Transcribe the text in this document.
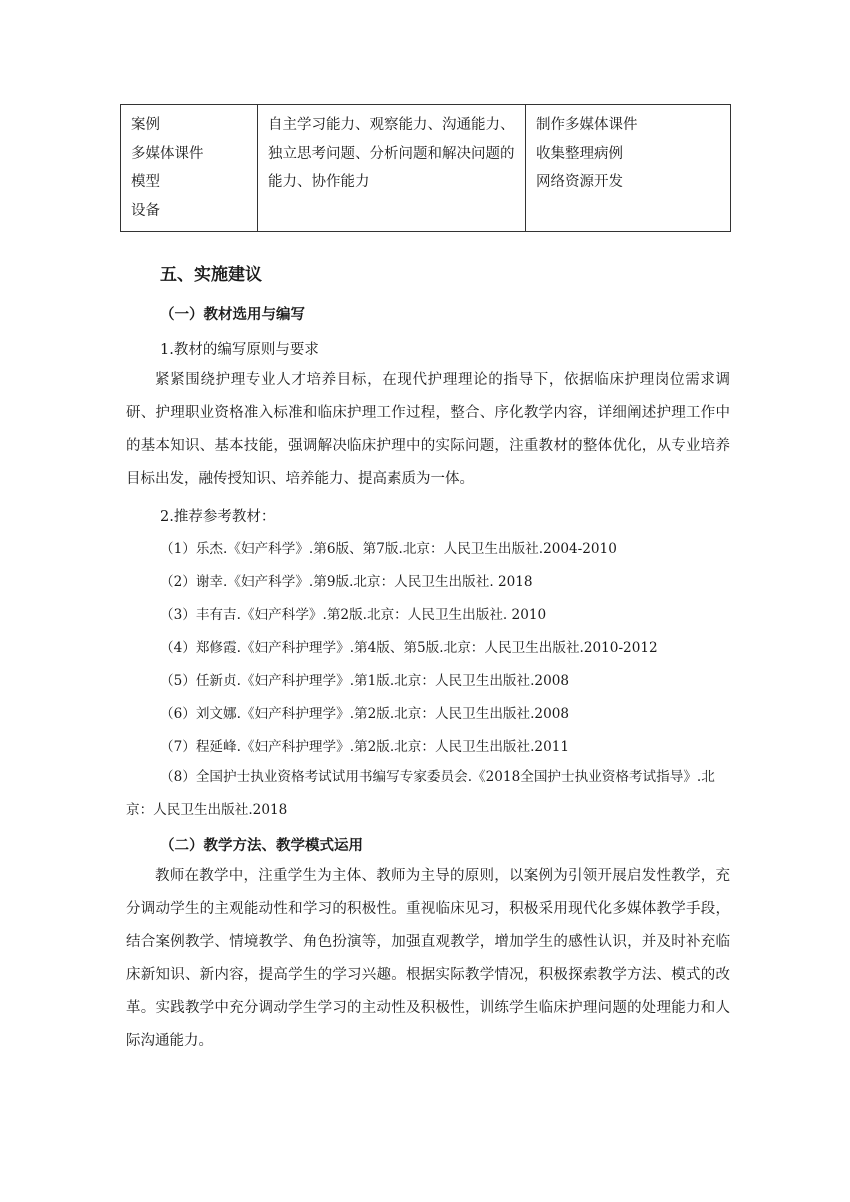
案例
多媒体课件
模型
设备

自主学习能力、观察能力、沟通能力、
独立思考问题、分析问题和解决问题的
能力、协作能力

制作多媒体课件
收集整理病例
网络资源开发
五、实施建议
（一）教材选用与编写
1.教材的编写原则与要求

紧紧围绕护理专业人才培养目标，在现代护理理论的指导下，依据临床护理岗位需求调研、护理职业资格准入标准和临床护理工作过程，整合、序化教学内容，详细阐述护理工作中的基本知识、基本技能，强调解决临床护理中的实际问题，注重教材的整体优化，从专业培养目标出发，融传授知识、培养能力、提高素质为一体。

2.推荐参考教材：
（1）乐杰.《妇产科学》.第6版、第7版.北京：人民卫生出版社.2004-2010
（2）谢幸.《妇产科学》.第9版.北京：人民卫生出版社. 2018
（3）丰有吉.《妇产科学》.第2版.北京：人民卫生出版社. 2010
（4）郑修霞.《妇产科护理学》.第4版、第5版.北京：人民卫生出版社.2010-2012
（5）任新贞.《妇产科护理学》.第1版.北京：人民卫生出版社.2008
（6）刘文娜.《妇产科护理学》.第2版.北京：人民卫生出版社.2008
（7）程延峰.《妇产科护理学》.第2版.北京：人民卫生出版社.2011

（8）全国护士执业资格考试试用书编写专家委员会.《2018全国护士执业资格考试指导》.北京：人民卫生出版社.2018

（二）教学方法、教学模式运用

教师在教学中，注重学生为主体、教师为主导的原则，以案例为引领开展启发性教学，充分调动学生的主观能动性和学习的积极性。重视临床见习，积极采用现代化多媒体教学手段，结合案例教学、情境教学、角色扮演等，加强直观教学，增加学生的感性认识，并及时补充临床新知识、新内容，提高学生的学习兴趣。根据实际教学情况，积极探索教学方法、模式的改革。实践教学中充分调动学生学习的主动性及积极性，训练学生临床护理问题的处理能力和人际沟通能力。
